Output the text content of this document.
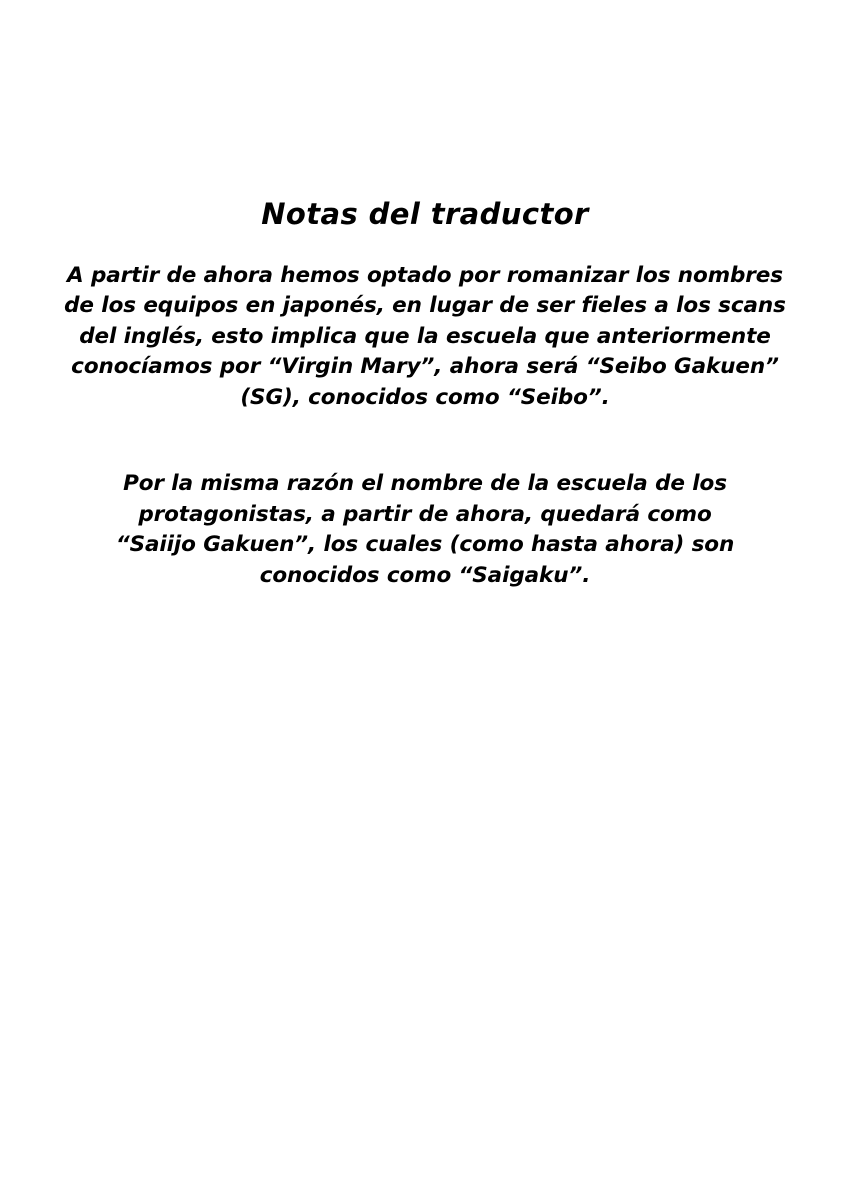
Notas del traductor

A partir de ahora hemos optado por romanizar los nombres de los equipos en japonés, en lugar de ser fieles a los scans del inglés, esto implica que la escuela que anteriormente conocíamos por “Virgin Mary”, ahora será “Seibo Gakuen” (SG), conocidos como “Seibo”.

Por la misma razón el nombre de la escuela de los protagonistas, a partir de ahora, quedará como “Saiijo Gakuen”, los cuales (como hasta ahora) son conocidos como “Saigaku”.
